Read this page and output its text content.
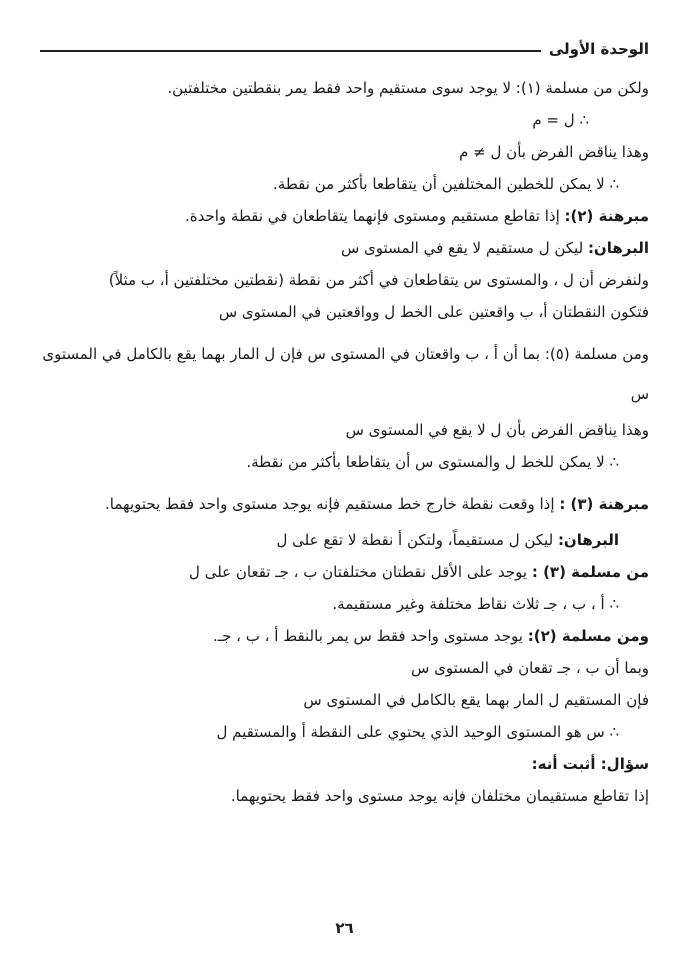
الوحدة الأولى
ولكن من مسلمة (١): لا يوجد سوى مستقيم واحد فقط يمر بنقطتين مختلفتين.
∴ ل = م
وهذا يناقض الفرض بأن ل ≠ م
∴ لا يمكن للخطين المختلفين أن يتقاطعا بأكثر من نقطة.
مبرهنة (٢): إذا تقاطع مستقيم ومستوى فإنهما يتقاطعان في نقطة واحدة.
البرهان: ليكن ل مستقيم لا يقع في المستوى س
ولنفرض أن ل ، والمستوى س يتقاطعان في أكثر من نقطة (نقطتين مختلفتين أ، ب مثلاً)
فتكون النقطتان أ، ب واقعتين على الخط ل وواقعتين في المستوى س
ومن مسلمة (٥): بما أن أ ، ب واقعتان في المستوى س فإن ل المار بهما يقع بالكامل في المستوى س
وهذا يناقض الفرض بأن ل لا يقع في المستوى س
∴ لا يمكن للخط ل والمستوى س أن يتقاطعا بأكثر من نقطة.
مبرهنة (٣) : إذا وقعت نقطة خارج خط مستقيم فإنه يوجد مستوى واحد فقط يحتويهما.
البرهان: ليكن ل مستقيماً، ولتكن أ نقطة لا تقع على ل
من مسلمة (٣) : يوجد على الأقل نقطتان مختلفتان ب ، جـ تقعان على ل
∴ أ ، ب ، جـ ثلاث نقاط مختلفة وغير مستقيمة.
ومن مسلمة (٢): يوجد مستوى واحد فقط س يمر بالنقط أ ، ب ، جـ.
وبما أن ب ، جـ تقعان في المستوى س
فإن المستقيم ل المار بهما يقع بالكامل في المستوى س
∴ س هو المستوى الوحيد الذي يحتوي على النقطة أ والمستقيم ل
سؤال: أثبت أنه:
إذا تقاطع مستقيمان مختلفان فإنه يوجد مستوى واحد فقط يحتويهما.
٢٦
